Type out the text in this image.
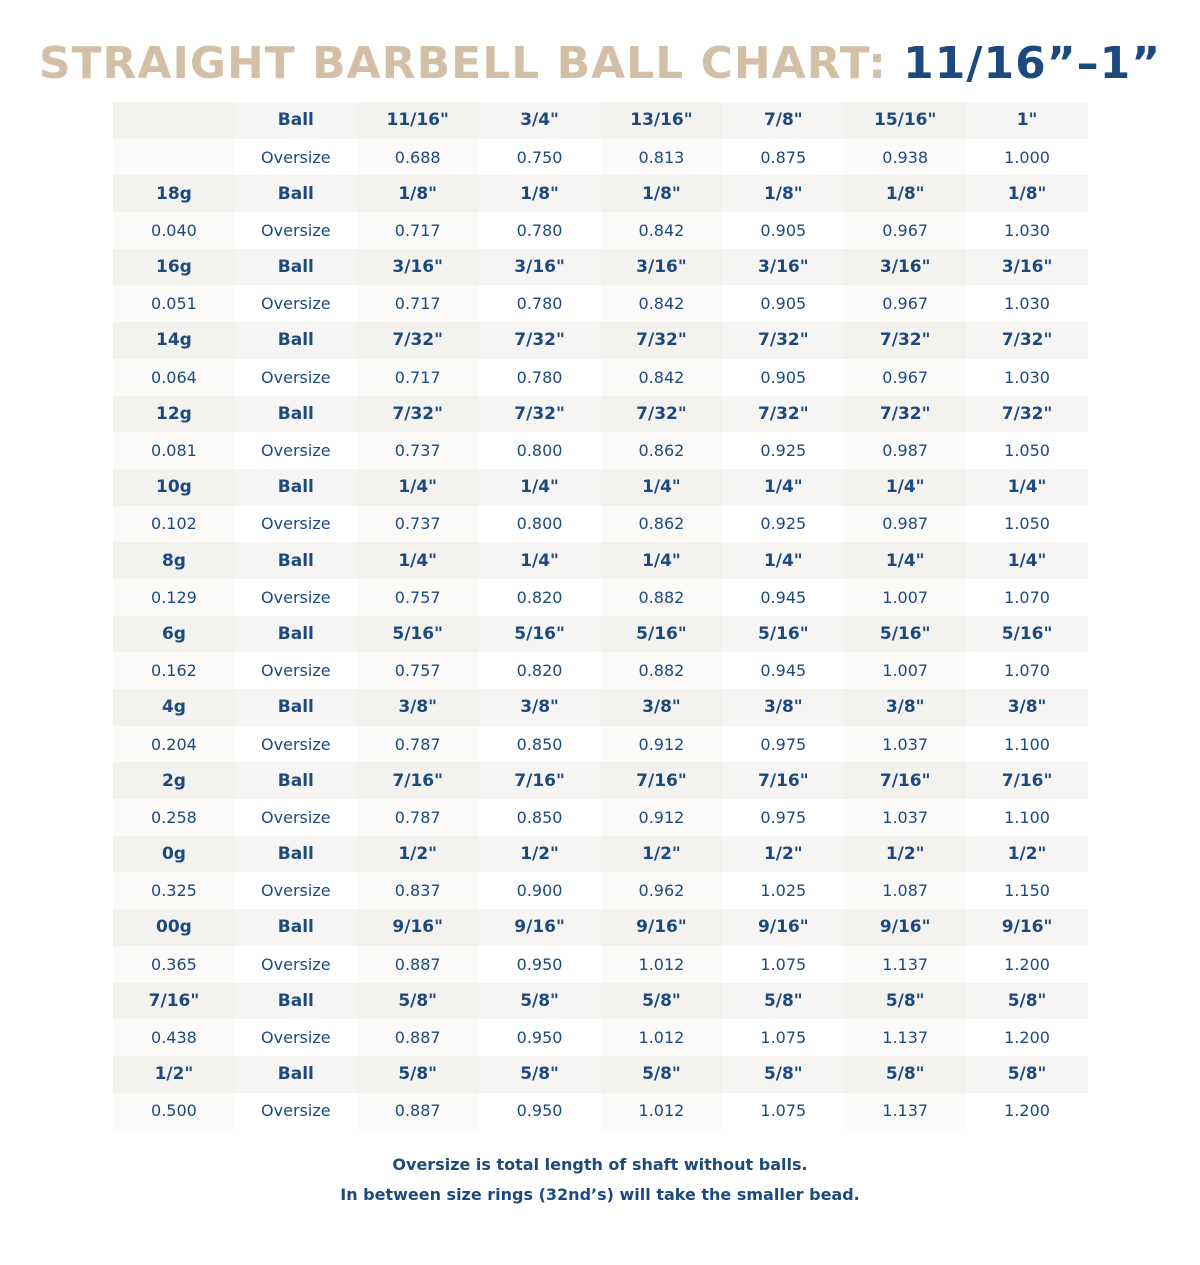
STRAIGHT BARBELL BALL CHART: 11/16”–1”
	Ball	11/16"	3/4"	13/16"	7/8"	15/16"	1"
	Oversize	0.688	0.750	0.813	0.875	0.938	1.000
18g	Ball	1/8"	1/8"	1/8"	1/8"	1/8"	1/8"
0.040	Oversize	0.717	0.780	0.842	0.905	0.967	1.030
16g	Ball	3/16"	3/16"	3/16"	3/16"	3/16"	3/16"
0.051	Oversize	0.717	0.780	0.842	0.905	0.967	1.030
14g	Ball	7/32"	7/32"	7/32"	7/32"	7/32"	7/32"
0.064	Oversize	0.717	0.780	0.842	0.905	0.967	1.030
12g	Ball	7/32"	7/32"	7/32"	7/32"	7/32"	7/32"
0.081	Oversize	0.737	0.800	0.862	0.925	0.987	1.050
10g	Ball	1/4"	1/4"	1/4"	1/4"	1/4"	1/4"
0.102	Oversize	0.737	0.800	0.862	0.925	0.987	1.050
8g	Ball	1/4"	1/4"	1/4"	1/4"	1/4"	1/4"
0.129	Oversize	0.757	0.820	0.882	0.945	1.007	1.070
6g	Ball	5/16"	5/16"	5/16"	5/16"	5/16"	5/16"
0.162	Oversize	0.757	0.820	0.882	0.945	1.007	1.070
4g	Ball	3/8"	3/8"	3/8"	3/8"	3/8"	3/8"
0.204	Oversize	0.787	0.850	0.912	0.975	1.037	1.100
2g	Ball	7/16"	7/16"	7/16"	7/16"	7/16"	7/16"
0.258	Oversize	0.787	0.850	0.912	0.975	1.037	1.100
0g	Ball	1/2"	1/2"	1/2"	1/2"	1/2"	1/2"
0.325	Oversize	0.837	0.900	0.962	1.025	1.087	1.150
00g	Ball	9/16"	9/16"	9/16"	9/16"	9/16"	9/16"
0.365	Oversize	0.887	0.950	1.012	1.075	1.137	1.200
7/16"	Ball	5/8"	5/8"	5/8"	5/8"	5/8"	5/8"
0.438	Oversize	0.887	0.950	1.012	1.075	1.137	1.200
1/2"	Ball	5/8"	5/8"	5/8"	5/8"	5/8"	5/8"
0.500	Oversize	0.887	0.950	1.012	1.075	1.137	1.200
Oversize is total length of shaft without balls.
In between size rings (32nd’s) will take the smaller bead.
